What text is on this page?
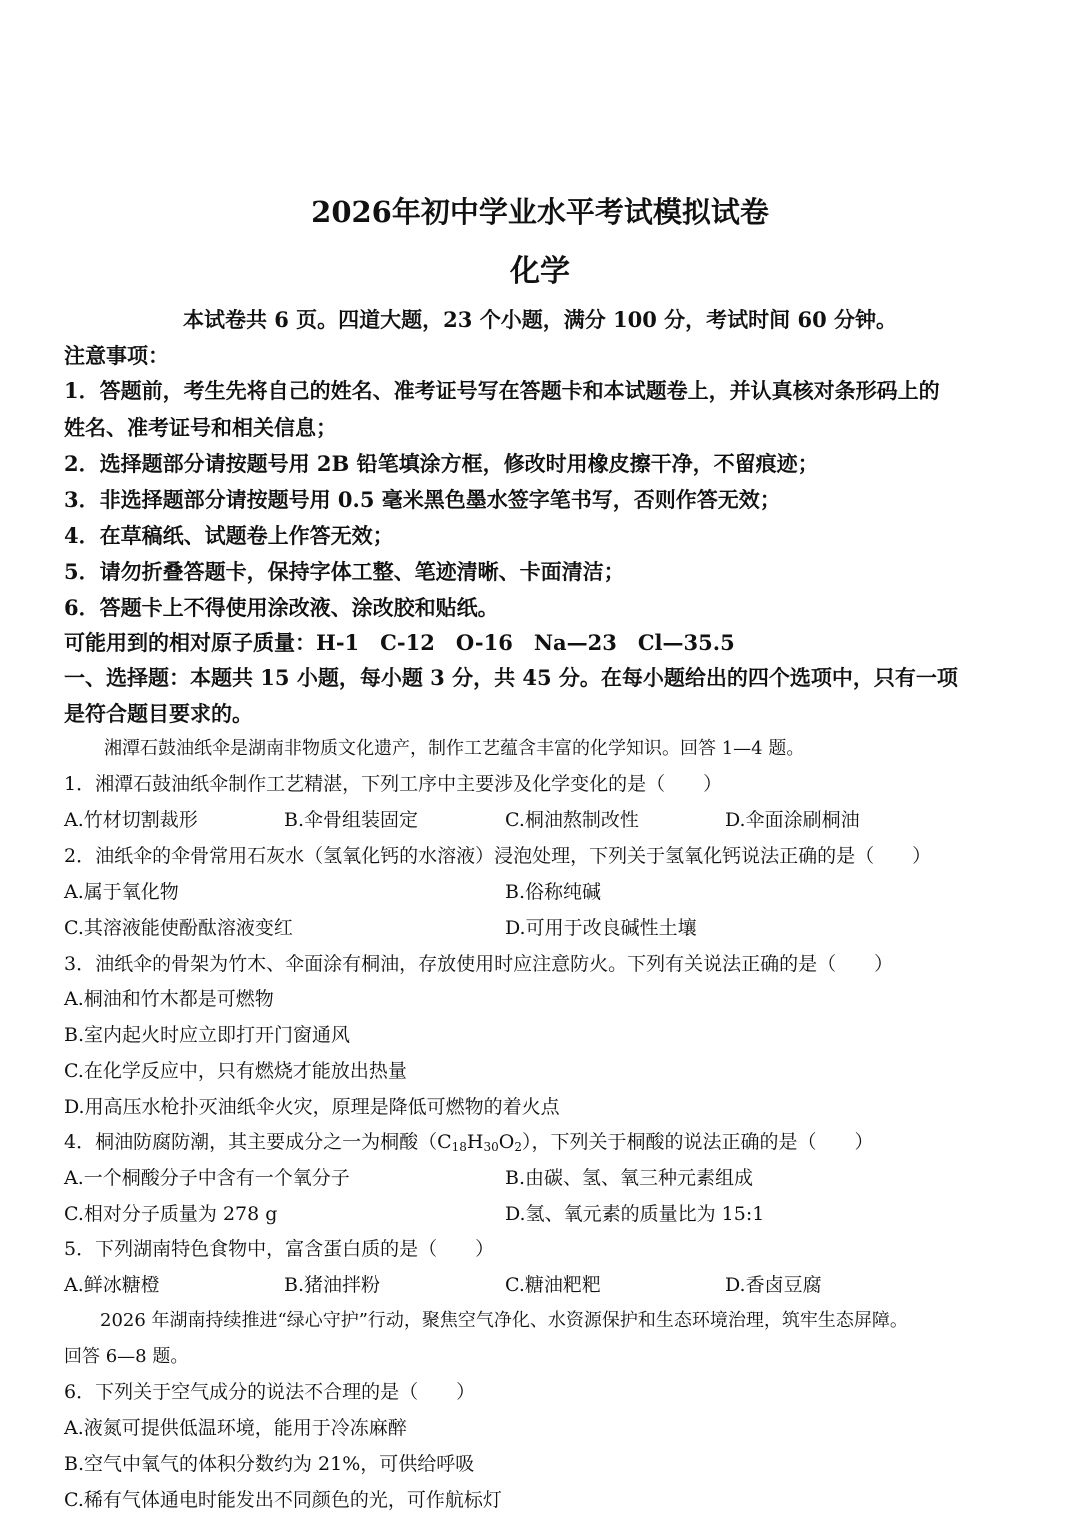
2026年初中学业水平考试模拟试卷
化学
本试卷共 6 页。四道大题，23 个小题，满分 100 分，考试时间 60 分钟。
注意事项：
1．答题前，考生先将自己的姓名、准考证号写在答题卡和本试题卷上，并认真核对条形码上的
姓名、准考证号和相关信息；
2．选择题部分请按题号用 2B 铅笔填涂方框，修改时用橡皮擦干净，不留痕迹；
3．非选择题部分请按题号用 0.5 毫米黑色墨水签字笔书写，否则作答无效；
4．在草稿纸、试题卷上作答无效；
5．请勿折叠答题卡，保持字体工整、笔迹清晰、卡面清洁；
6．答题卡上不得使用涂改液、涂改胶和贴纸。
可能用到的相对原子质量：H-1　C-12　O-16　Na—23　Cl—35.5
一、选择题：本题共 15 小题，每小题 3 分，共 45 分。在每小题给出的四个选项中，只有一项
是符合题目要求的。
湘潭石鼓油纸伞是湖南非物质文化遗产，制作工艺蕴含丰富的化学知识。回答 1—4 题。
1．湘潭石鼓油纸伞制作工艺精湛，下列工序中主要涉及化学变化的是（　　）
A.竹材切割裁形	B.伞骨组装固定	C.桐油熬制改性	D.伞面涂刷桐油
2．油纸伞的伞骨常用石灰水（氢氧化钙的水溶液）浸泡处理，下列关于氢氧化钙说法正确的是（　　）
A.属于氧化物	B.俗称纯碱
C.其溶液能使酚酞溶液变红	D.可用于改良碱性土壤
3．油纸伞的骨架为竹木、伞面涂有桐油，存放使用时应注意防火。下列有关说法正确的是（　　）
A.桐油和竹木都是可燃物
B.室内起火时应立即打开门窗通风
C.在化学反应中，只有燃烧才能放出热量
D.用高压水枪扑灭油纸伞火灾，原理是降低可燃物的着火点
4．桐油防腐防潮，其主要成分之一为桐酸$(C_{18}H_{30}O_2)$，下列关于桐酸的说法正确的是（　　）
A.一个桐酸分子中含有一个氧分子	B.由碳、氢、氧三种元素组成
C.相对分子质量为 278 g	D.氢、氧元素的质量比为 15:1
5．下列湖南特色食物中，富含蛋白质的是（　　）
A.鲜冰糖橙	B.猪油拌粉	C.糖油粑粑	D.香卤豆腐
2026 年湖南持续推进“绿心守护”行动，聚焦空气净化、水资源保护和生态环境治理，筑牢生态屏障。
回答 6—8 题。
6．下列关于空气成分的说法不合理的是（　　）
A.液氮可提供低温环境，能用于冷冻麻醉
B.空气中氧气的体积分数约为 21%，可供给呼吸
C.稀有气体通电时能发出不同颜色的光，可作航标灯
